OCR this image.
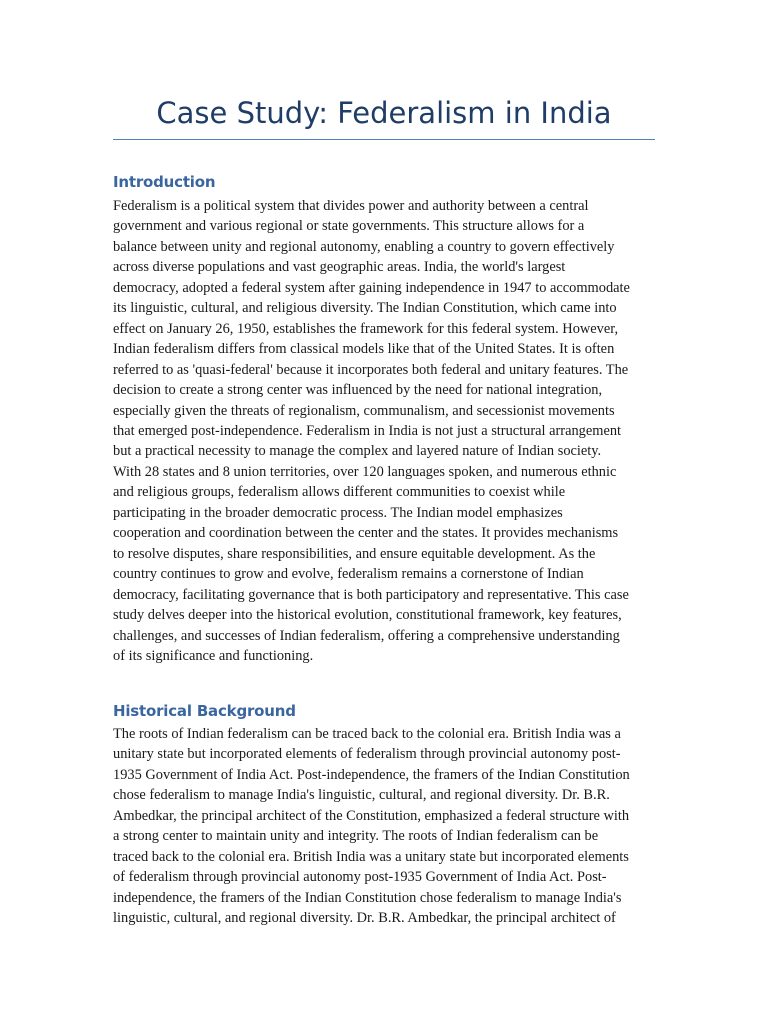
Case Study: Federalism in India
Introduction
Federalism is a political system that divides power and authority between a central
government and various regional or state governments. This structure allows for a
balance between unity and regional autonomy, enabling a country to govern effectively
across diverse populations and vast geographic areas. India, the world's largest
democracy, adopted a federal system after gaining independence in 1947 to accommodate
its linguistic, cultural, and religious diversity. The Indian Constitution, which came into
effect on January 26, 1950, establishes the framework for this federal system. However,
Indian federalism differs from classical models like that of the United States. It is often
referred to as 'quasi-federal' because it incorporates both federal and unitary features. The
decision to create a strong center was influenced by the need for national integration,
especially given the threats of regionalism, communalism, and secessionist movements
that emerged post-independence. Federalism in India is not just a structural arrangement
but a practical necessity to manage the complex and layered nature of Indian society.
With 28 states and 8 union territories, over 120 languages spoken, and numerous ethnic
and religious groups, federalism allows different communities to coexist while
participating in the broader democratic process. The Indian model emphasizes
cooperation and coordination between the center and the states. It provides mechanisms
to resolve disputes, share responsibilities, and ensure equitable development. As the
country continues to grow and evolve, federalism remains a cornerstone of Indian
democracy, facilitating governance that is both participatory and representative. This case
study delves deeper into the historical evolution, constitutional framework, key features,
challenges, and successes of Indian federalism, offering a comprehensive understanding
of its significance and functioning.
Historical Background
The roots of Indian federalism can be traced back to the colonial era. British India was a
unitary state but incorporated elements of federalism through provincial autonomy post-
1935 Government of India Act. Post-independence, the framers of the Indian Constitution
chose federalism to manage India's linguistic, cultural, and regional diversity. Dr. B.R.
Ambedkar, the principal architect of the Constitution, emphasized a federal structure with
a strong center to maintain unity and integrity. The roots of Indian federalism can be
traced back to the colonial era. British India was a unitary state but incorporated elements
of federalism through provincial autonomy post-1935 Government of India Act. Post-
independence, the framers of the Indian Constitution chose federalism to manage India's
linguistic, cultural, and regional diversity. Dr. B.R. Ambedkar, the principal architect of
